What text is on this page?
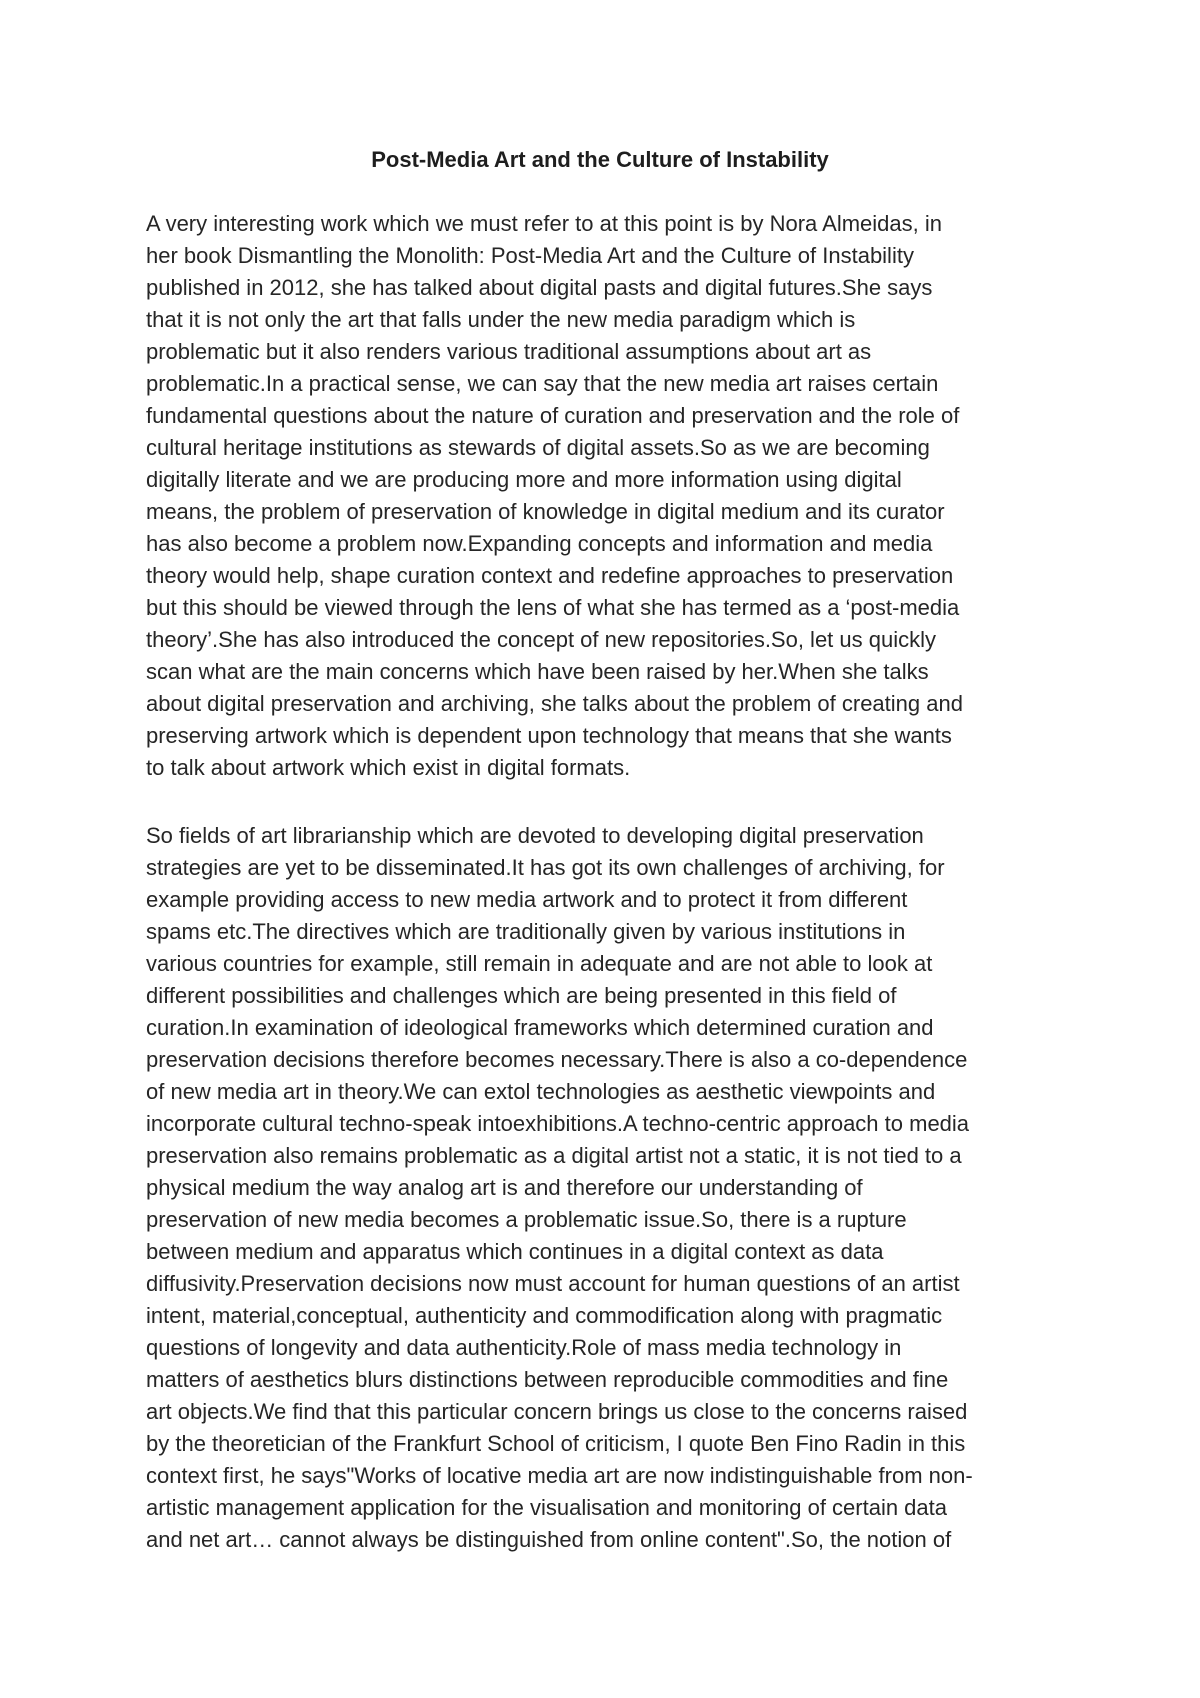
Post-Media Art and the Culture of Instability
A very interesting work which we must refer to at this point is by Nora Almeidas, in
her book Dismantling the Monolith: Post-Media Art and the Culture of Instability
published in 2012, she has talked about digital pasts and digital futures.She says
that it is not only the art that falls under the new media paradigm which is
problematic but it also renders various traditional assumptions about art as
problematic.In a practical sense, we can say that the new media art raises certain
fundamental questions about the nature of curation and preservation and the role of
cultural heritage institutions as stewards of digital assets.So as we are becoming
digitally literate and we are producing more and more information using digital
means, the problem of preservation of knowledge in digital medium and its curator
has also become a problem now.Expanding concepts and information and media
theory would help, shape curation context and redefine approaches to preservation
but this should be viewed through the lens of what she has termed as a ‘post-media
theory’.She has also introduced the concept of new repositories.So, let us quickly
scan what are the main concerns which have been raised by her.When she talks
about digital preservation and archiving, she talks about the problem of creating and
preserving artwork which is dependent upon technology that means that she wants
to talk about artwork which exist in digital formats.
So fields of art librarianship which are devoted to developing digital preservation
strategies are yet to be disseminated.It has got its own challenges of archiving, for
example providing access to new media artwork and to protect it from different
spams etc.The directives which are traditionally given by various institutions in
various countries for example, still remain in adequate and are not able to look at
different possibilities and challenges which are being presented in this field of
curation.In examination of ideological frameworks which determined curation and
preservation decisions therefore becomes necessary.There is also a co-dependence
of new media art in theory.We can extol technologies as aesthetic viewpoints and
incorporate cultural techno-speak intoexhibitions.A techno-centric approach to media
preservation also remains problematic as a digital artist not a static, it is not tied to a
physical medium the way analog art is and therefore our understanding of
preservation of new media becomes a problematic issue.So, there is a rupture
between medium and apparatus which continues in a digital context as data
diffusivity.Preservation decisions now must account for human questions of an artist
intent, material,conceptual, authenticity and commodification along with pragmatic
questions of longevity and data authenticity.Role of mass media technology in
matters of aesthetics blurs distinctions between reproducible commodities and fine
art objects.We find that this particular concern brings us close to the concerns raised
by the theoretician of the Frankfurt School of criticism, I quote Ben Fino Radin in this
context first, he says"Works of locative media art are now indistinguishable from non-
artistic management application for the visualisation and monitoring of certain data
and net art… cannot always be distinguished from online content".So, the notion of
